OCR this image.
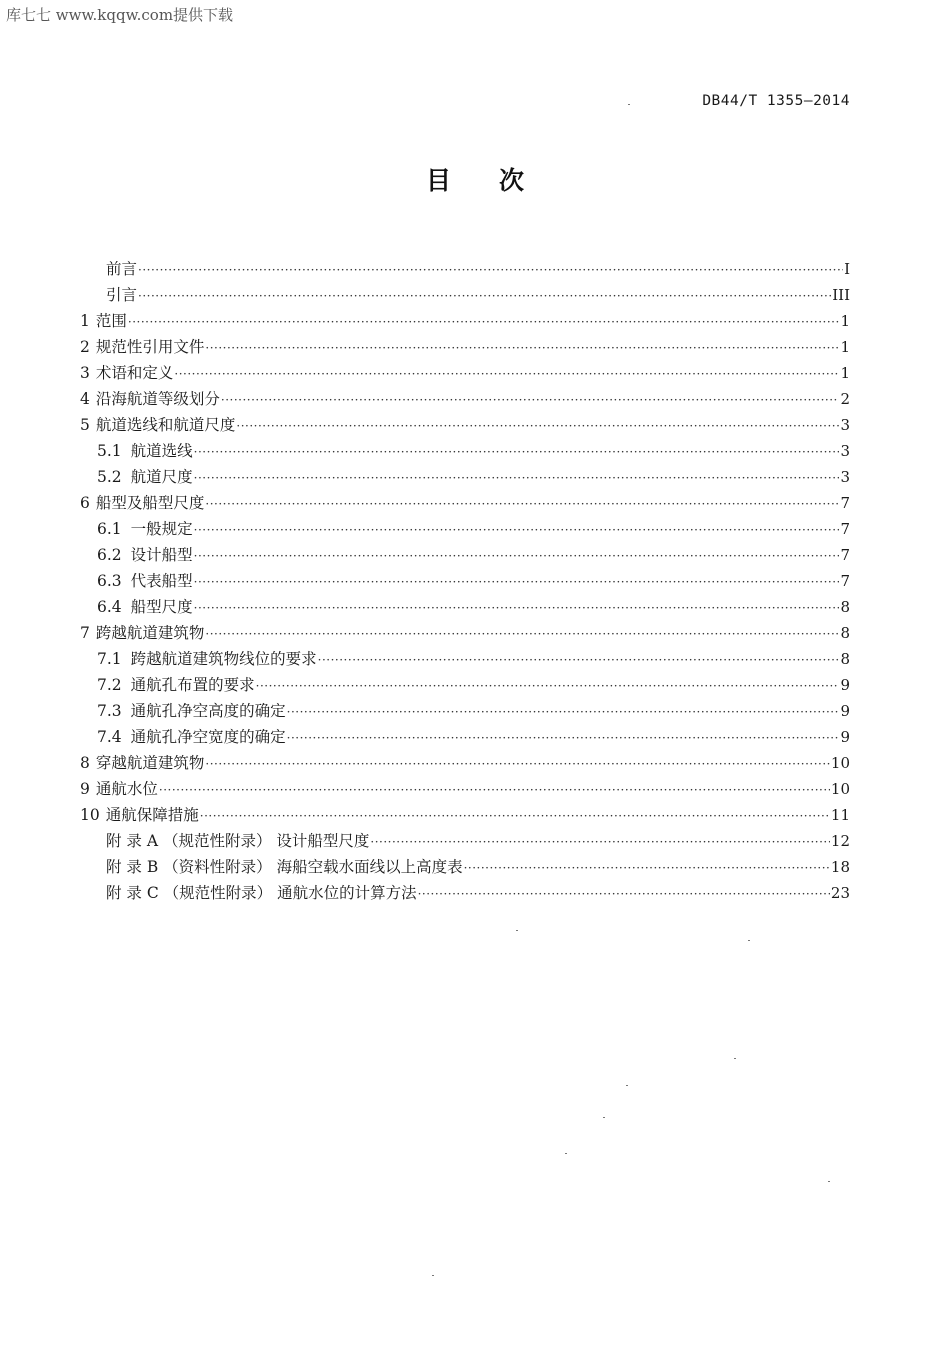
库七七 www.kqqw.com提供下载
DB44/T 1355—2014
目次
前言 ·····	I
引言 ·····	III
1 范围 ·····	1
2 规范性引用文件 ·····	1
3 术语和定义 ·····	1
4 沿海航道等级划分 ·····	2
5 航道选线和航道尺度 ·····	3
5.1 航道选线 ·····	3
5.2 航道尺度 ·····	3
6 船型及船型尺度 ·····	7
6.1 一般规定 ·····	7
6.2 设计船型 ·····	7
6.3 代表船型 ·····	7
6.4 船型尺度 ·····	8
7 跨越航道建筑物 ·····	8
7.1 跨越航道建筑物线位的要求 ·····	8
7.2 通航孔布置的要求 ·····	9
7.3 通航孔净空高度的确定 ·····	9
7.4 通航孔净空宽度的确定 ·····	9
8 穿越航道建筑物 ·····	10
9 通航水位 ·····	10
10 通航保障措施 ·····	11
附 录 A （规范性附录） 设计船型尺度 ·····	12
附 录 B （资料性附录） 海船空载水面线以上高度表 ·····	18
附 录 C （规范性附录） 通航水位的计算方法 ·····	23
